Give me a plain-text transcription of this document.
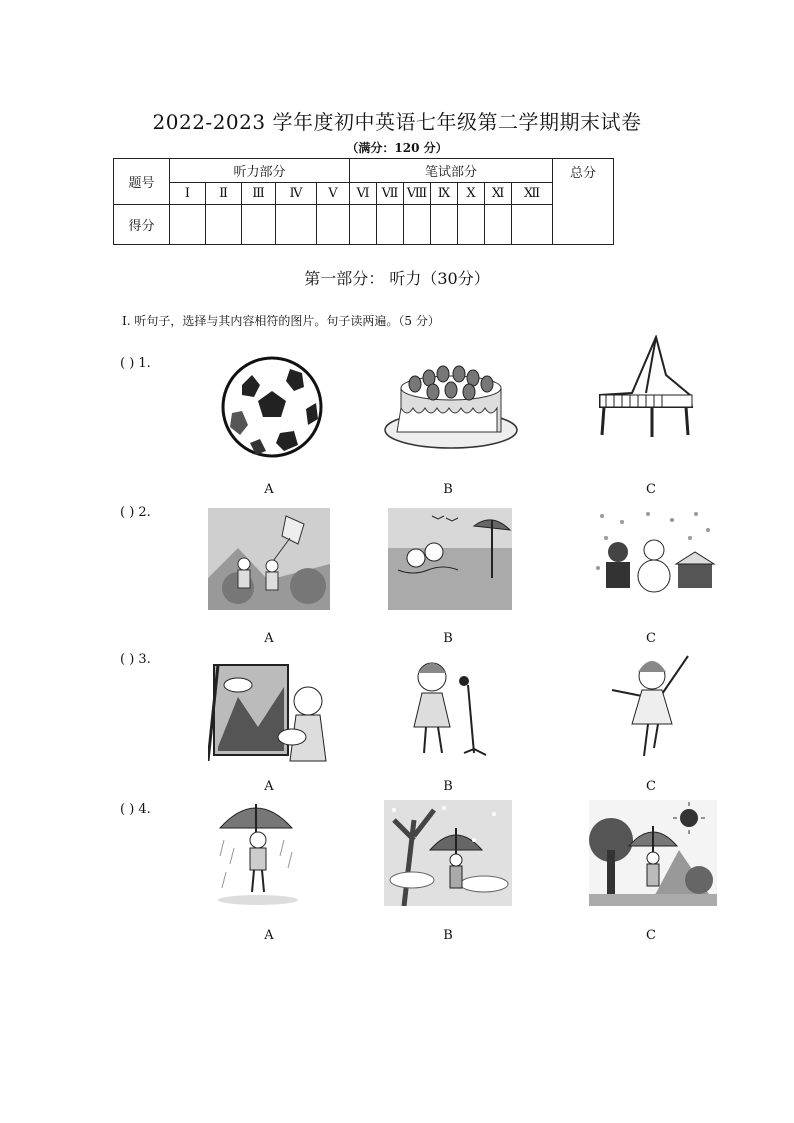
2022-2023 学年度初中英语七年级第二学期期末试卷
（满分：120 分）
题号	听力部分					笔试部分							总分
	Ⅰ	Ⅱ	Ⅲ	Ⅳ	Ⅴ	Ⅵ	Ⅶ	Ⅷ	Ⅸ	Ⅹ	Ⅺ	Ⅻ	
得分													
第一部分： 听力（30分）
Ⅰ. 听句子，选择与其内容相符的图片。句子读两遍。（5 分）
( ) 1.
A	B	C
( ) 2.
A	B	C
( ) 3.
A	B	C
( ) 4.
A	B	C
